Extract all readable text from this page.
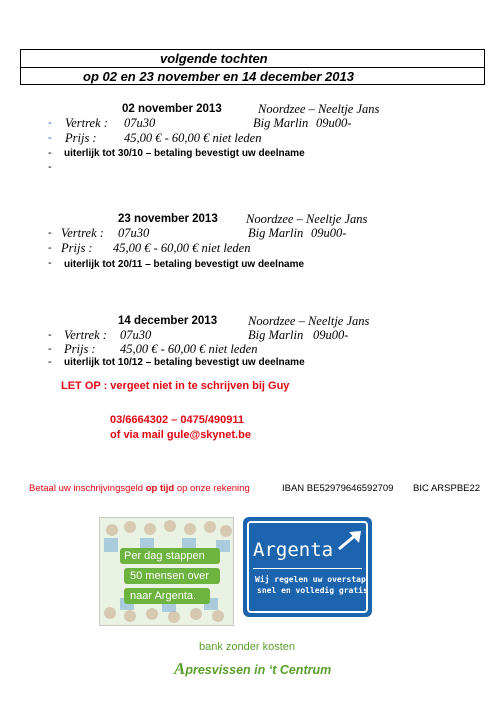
volgende tochten
op 02 en 23 november en 14 december 2013
02 november 2013	Noordzee – Neeltje Jans
- Vertrek : 07u30	Big Marlin 09u00-
- Prijs : 45,00 € - 60,00 € niet leden
- uiterlijk tot 30/10 – betaling bevestigt uw deelname
-
23 november 2013 Noordzee – Neeltje Jans
- Vertrek : 07u30	Big Marlin 09u00-
- Prijs : 45,00 € - 60,00 € niet leden
- uiterlijk tot 20/11 – betaling bevestigt uw deelname
14 december 2013 Noordzee – Neeltje Jans
- Vertrek : 07u30	Big Marlin 09u00-
- Prijs : 45,00 € - 60,00 € niet leden
- uiterlijk tot 10/12 – betaling bevestigt uw deelname
LET OP : vergeet niet in te schrijven bij Guy
03/6664302 – 0475/490911
of via mail gule@skynet.be
Betaal uw inschrijvingsgeld op tijd op onze rekening	IBAN BE52979646592709 BIC ARSPBE22
Per dag stappen
50 mensen over
naar Argenta.
Argenta
Wij regelen uw overstap
snel en volledig gratis
bank zonder kosten
Apresvissen in ‘t Centrum
